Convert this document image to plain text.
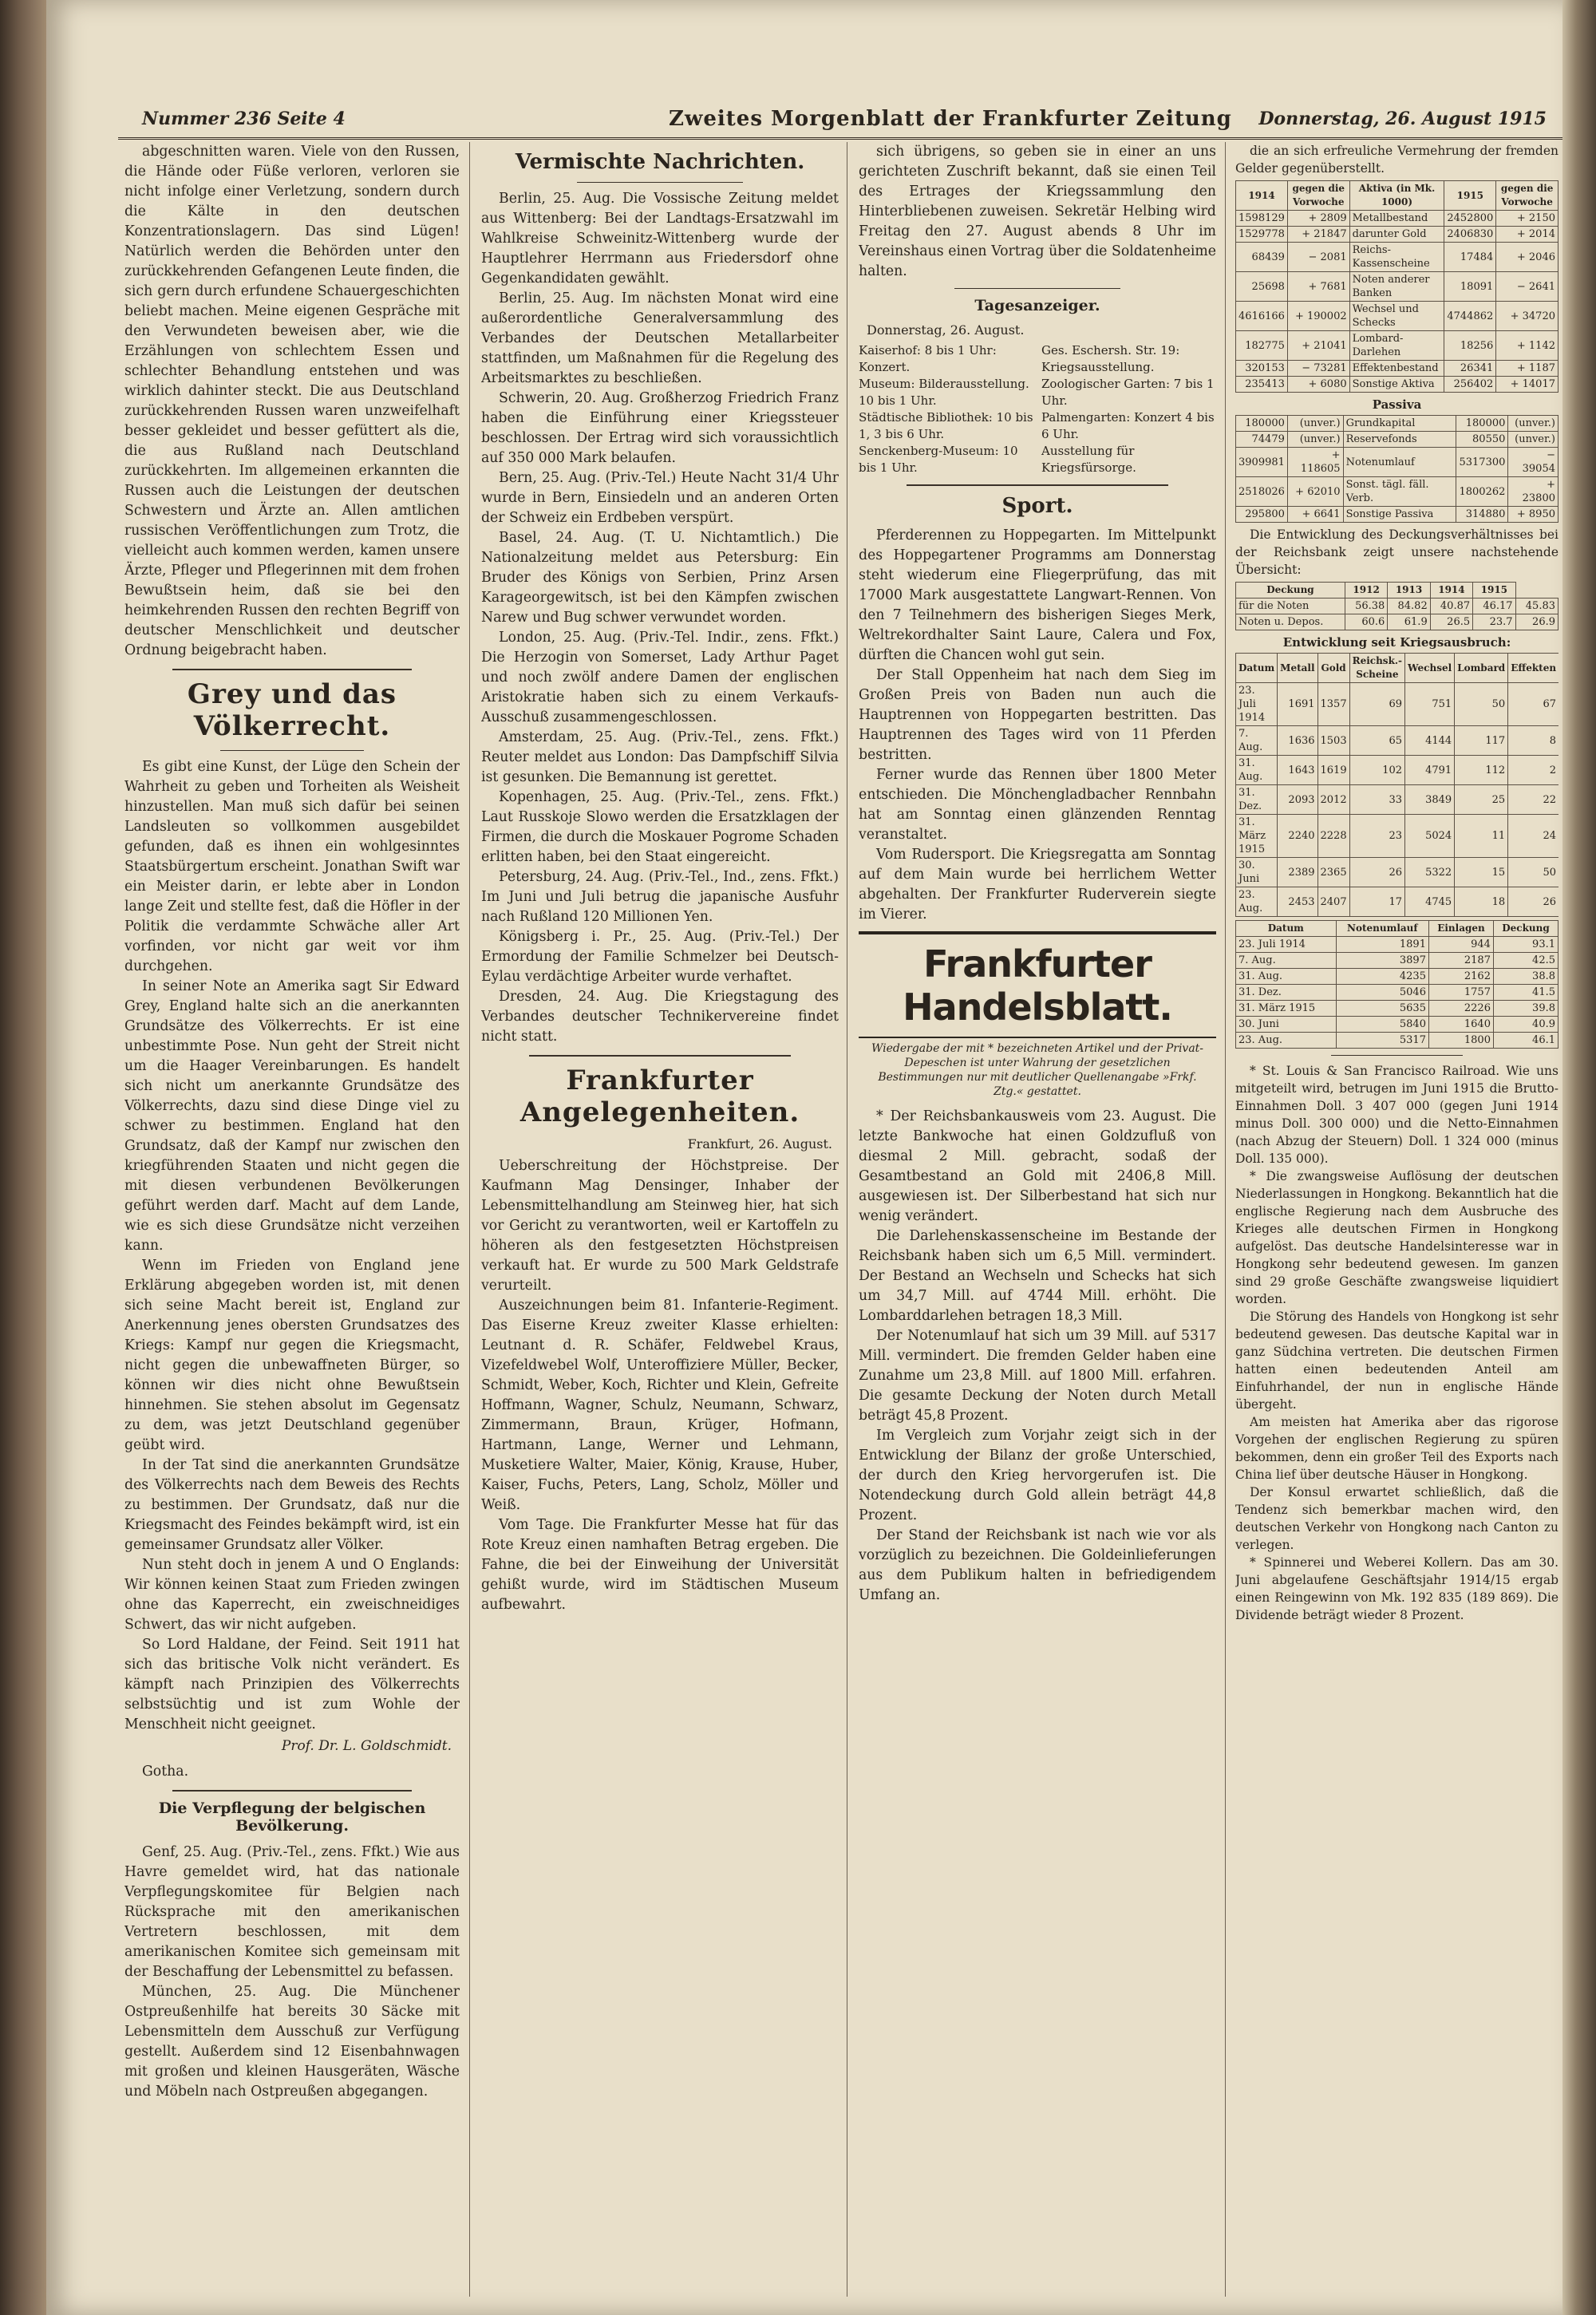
Nummer 236 Seite 4	Zweites Morgenblatt der Frankfurter Zeitung Donnerstag, 26. August 1915

abgeschnitten waren. Viele von den Russen, die Hände oder Füße verloren, verloren sie nicht infolge einer Verletzung, sondern durch die Kälte in den deutschen Konzentrationslagern. Das sind Lügen! Natürlich werden die Behörden unter den zurückkehrenden Gefangenen Leute finden, die sich gern durch erfundene Schauergeschichten beliebt machen. Meine eigenen Gespräche mit den Verwundeten beweisen aber, wie die Erzählungen von schlechtem Essen und schlechter Behandlung entstehen und was wirklich dahinter steckt. Die aus Deutschland zurückkehrenden Russen waren unzweifelhaft besser gekleidet und besser gefüttert als die, die aus Rußland nach Deutschland zurückkehrten. Im allgemeinen erkannten die Russen auch die Leistungen der deutschen Schwestern und Ärzte an. Allen amtlichen russischen Veröffentlichungen zum Trotz, die vielleicht auch kommen werden, kamen unsere Ärzte, Pfleger und Pflegerinnen mit dem frohen Bewußtsein heim, daß sie bei den heimkehrenden Russen den rechten Begriff von deutscher Menschlichkeit und deutscher Ordnung beigebracht haben.

Grey und das Völkerrecht.

Es gibt eine Kunst, der Lüge den Schein der Wahrheit zu geben und Torheiten als Weisheit hinzustellen. Man muß sich dafür bei seinen Landsleuten so vollkommen ausgebildet gefunden, daß es ihnen ein wohlgesinntes Staatsbürgertum erscheint. Jonathan Swift war ein Meister darin, er lebte aber in London lange Zeit und stellte fest, daß die Höfler in der Politik die verdammte Schwäche aller Art vorfinden, vor nicht gar weit vor ihm durchgehen.

In seiner Note an Amerika sagt Sir Edward Grey, England halte sich an die anerkannten Grundsätze des Völkerrechts. Er ist eine unbestimmte Pose. Nun geht der Streit nicht um die Haager Vereinbarungen. Es handelt sich nicht um anerkannte Grundsätze des Völkerrechts, dazu sind diese Dinge viel zu schwer zu bestimmen. England hat den Grundsatz, daß der Kampf nur zwischen den kriegführenden Staaten und nicht gegen die mit diesen verbundenen Bevölkerungen geführt werden darf. Macht auf dem Lande, wie es sich diese Grundsätze nicht verzeihen kann.

Wenn im Frieden von England jene Erklärung abgegeben worden ist, mit denen sich seine Macht bereit ist, England zur Anerkennung jenes obersten Grundsatzes des Kriegs: Kampf nur gegen die Kriegsmacht, nicht gegen die unbewaffneten Bürger, so können wir dies nicht ohne Bewußtsein hinnehmen. Sie stehen absolut im Gegensatz zu dem, was jetzt Deutschland gegenüber geübt wird.

In der Tat sind die anerkannten Grundsätze des Völkerrechts nach dem Beweis des Rechts zu bestimmen. Der Grundsatz, daß nur die Kriegsmacht des Feindes bekämpft wird, ist ein gemeinsamer Grundsatz aller Völker.

Nun steht doch in jenem A und O Englands: Wir können keinen Staat zum Frieden zwingen ohne das Kaperrecht, ein zweischneidiges Schwert, das wir nicht aufgeben.

So Lord Haldane, der Feind. Seit 1911 hat sich das britische Volk nicht verändert. Es kämpft nach Prinzipien des Völkerrechts selbstsüchtig und ist zum Wohle der Menschheit nicht geeignet.

Prof. Dr. L. Goldschmidt.
Gotha.
Die Verpflegung der belgischen Bevölkerung.

Genf, 25. Aug. (Priv.-Tel., zens. Ffkt.) Wie aus Havre gemeldet wird, hat das nationale Verpflegungskomitee für Belgien nach Rücksprache mit den amerikanischen Vertretern beschlossen, mit dem amerikanischen Komitee sich gemeinsam mit der Beschaffung der Lebensmittel zu befassen.

München, 25. Aug. Die Münchener Ostpreußenhilfe hat bereits 30 Säcke mit Lebensmitteln dem Ausschuß zur Verfügung gestellt. Außerdem sind 12 Eisenbahnwagen mit großen und kleinen Hausgeräten, Wäsche und Möbeln nach Ostpreußen abgegangen.

Vermischte Nachrichten.

Berlin, 25. Aug. Die Vossische Zeitung meldet aus Wittenberg: Bei der Landtags-Ersatzwahl im Wahlkreise Schweinitz-Wittenberg wurde der Hauptlehrer Herrmann aus Friedersdorf ohne Gegenkandidaten gewählt.

Berlin, 25. Aug. Im nächsten Monat wird eine außerordentliche Generalversammlung des Verbandes der Deutschen Metallarbeiter stattfinden, um Maßnahmen für die Regelung des Arbeitsmarktes zu beschließen.

Schwerin, 20. Aug. Großherzog Friedrich Franz haben die Einführung einer Kriegssteuer beschlossen. Der Ertrag wird sich voraussichtlich auf 350 000 Mark belaufen.

Bern, 25. Aug. (Priv.-Tel.) Heute Nacht 31/4 Uhr wurde in Bern, Einsiedeln und an anderen Orten der Schweiz ein Erdbeben verspürt.

Basel, 24. Aug. (T. U. Nichtamtlich.) Die Nationalzeitung meldet aus Petersburg: Ein Bruder des Königs von Serbien, Prinz Arsen Karageorgewitsch, ist bei den Kämpfen zwischen Narew und Bug schwer verwundet worden.

London, 25. Aug. (Priv.-Tel. Indir., zens. Ffkt.) Die Herzogin von Somerset, Lady Arthur Paget und noch zwölf andere Damen der englischen Aristokratie haben sich zu einem Verkaufs-Ausschuß zusammengeschlossen.

Amsterdam, 25. Aug. (Priv.-Tel., zens. Ffkt.) Reuter meldet aus London: Das Dampfschiff Silvia ist gesunken. Die Bemannung ist gerettet.

Kopenhagen, 25. Aug. (Priv.-Tel., zens. Ffkt.) Laut Russkoje Slowo werden die Ersatzklagen der Firmen, die durch die Moskauer Pogrome Schaden erlitten haben, bei den Staat eingereicht.

Petersburg, 24. Aug. (Priv.-Tel., Ind., zens. Ffkt.) Im Juni und Juli betrug die japanische Ausfuhr nach Rußland 120 Millionen Yen.

Königsberg i. Pr., 25. Aug. (Priv.-Tel.) Der Ermordung der Familie Schmelzer bei Deutsch-Eylau verdächtige Arbeiter wurde verhaftet.

Dresden, 24. Aug. Die Kriegstagung des Verbandes deutscher Technikervereine findet nicht statt.

Frankfurter Angelegenheiten.
Frankfurt, 26. August.

Ueberschreitung der Höchstpreise. Der Kaufmann Mag Densinger, Inhaber der Lebensmittelhandlung am Steinweg hier, hat sich vor Gericht zu verantworten, weil er Kartoffeln zu höheren als den festgesetzten Höchstpreisen verkauft hat. Er wurde zu 500 Mark Geldstrafe verurteilt.

Auszeichnungen beim 81. Infanterie-Regiment. Das Eiserne Kreuz zweiter Klasse erhielten: Leutnant d. R. Schäfer, Feldwebel Kraus, Vizefeldwebel Wolf, Unteroffiziere Müller, Becker, Schmidt, Weber, Koch, Richter und Klein, Gefreite Hoffmann, Wagner, Schulz, Neumann, Schwarz, Zimmermann, Braun, Krüger, Hofmann, Hartmann, Lange, Werner und Lehmann, Musketiere Walter, Maier, König, Krause, Huber, Kaiser, Fuchs, Peters, Lang, Scholz, Möller und Weiß.

Vom Tage. Die Frankfurter Messe hat für das Rote Kreuz einen namhaften Betrag ergeben. Die Fahne, die bei der Einweihung der Universität gehißt wurde, wird im Städtischen Museum aufbewahrt.

sich übrigens, so geben sie in einer an uns gerichteten Zuschrift bekannt, daß sie einen Teil des Ertrages der Kriegssammlung den Hinterbliebenen zuweisen. Sekretär Helbing wird Freitag den 27. August abends 8 Uhr im Vereinshaus einen Vortrag über die Soldatenheime halten.

Tagesanzeiger.
Donnerstag, 26. August.
Kaiserhof: 8 bis 1 Uhr: Konzert.
Ges. Eschersh. Str. 19: Kriegsausstellung.
Museum: Bilderausstellung. 10 bis 1 Uhr.
Zoologischer Garten: 7 bis 1 Uhr.
Städtische Bibliothek: 10 bis 1, 3 bis 6 Uhr.
Palmengarten: Konzert 4 bis 6 Uhr.
Senckenberg-Museum: 10 bis 1 Uhr.
Ausstellung für Kriegsfürsorge.
Sport.

Pferderennen zu Hoppegarten. Im Mittelpunkt des Hoppegartener Programms am Donnerstag steht wiederum eine Fliegerprüfung, das mit 17000 Mark ausgestattete Langwart-Rennen. Von den 7 Teilnehmern des bisherigen Sieges Merk, Weltrekordhalter Saint Laure, Calera und Fox, dürften die Chancen wohl gut sein.

Der Stall Oppenheim hat nach dem Sieg im Großen Preis von Baden nun auch die Hauptrennen von Hoppegarten bestritten. Das Hauptrennen des Tages wird von 11 Pferden bestritten.

Ferner wurde das Rennen über 1800 Meter entschieden. Die Mönchengladbacher Rennbahn hat am Sonntag einen glänzenden Renntag veranstaltet.

Vom Rudersport. Die Kriegsregatta am Sonntag auf dem Main wurde bei herrlichem Wetter abgehalten. Der Frankfurter Ruderverein siegte im Vierer.

Frankfurter Handelsblatt.
Wiedergabe der mit * bezeichneten Artikel und der Privat-Depeschen ist unter Wahrung der gesetzlichen Bestimmungen nur mit deutlicher Quellenangabe »Frkf. Ztg.« gestattet.

* Der Reichsbankausweis vom 23. August. Die letzte Bankwoche hat einen Goldzufluß von diesmal 2 Mill. gebracht, sodaß der Gesamtbestand an Gold mit 2406,8 Mill. ausgewiesen ist. Der Silberbestand hat sich nur wenig verändert.

Die Darlehenskassenscheine im Bestande der Reichsbank haben sich um 6,5 Mill. vermindert. Der Bestand an Wechseln und Schecks hat sich um 34,7 Mill. auf 4744 Mill. erhöht. Die Lombarddarlehen betragen 18,3 Mill.

Der Notenumlauf hat sich um 39 Mill. auf 5317 Mill. vermindert. Die fremden Gelder haben eine Zunahme um 23,8 Mill. auf 1800 Mill. erfahren. Die gesamte Deckung der Noten durch Metall beträgt 45,8 Prozent.

Im Vergleich zum Vorjahr zeigt sich in der Entwicklung der Bilanz der große Unterschied, der durch den Krieg hervorgerufen ist. Die Notendeckung durch Gold allein beträgt 44,8 Prozent.

Der Stand der Reichsbank ist nach wie vor als vorzüglich zu bezeichnen. Die Goldeinlieferungen aus dem Publikum halten in befriedigendem Umfang an.

die an sich erfreuliche Vermehrung der fremden Gelder gegenüberstellt.

1914	gegen die Vorwoche	Aktiva (in Mk. 1000)	1915	gegen die Vorwoche
1598129	+ 2809	Metallbestand	2452800	+ 2150
1529778	+ 21847	darunter Gold	2406830	+ 2014
68439	− 2081	Reichs-Kassenscheine	17484	+ 2046
25698	+ 7681	Noten anderer Banken	18091	− 2641
4616166	+ 190002	Wechsel und Schecks	4744862	+ 34720
182775	+ 21041	Lombard-Darlehen	18256	+ 1142
320153	− 73281	Effektenbestand	26341	+ 1187
235413	+ 6080	Sonstige Aktiva	256402	+ 14017
Passiva
180000	(unver.)	Grundkapital	180000	(unver.)
74479	(unver.)	Reservefonds	80550	(unver.)
3909981	+ 118605	Notenumlauf	5317300	− 39054
2518026	+ 62010	Sonst. tägl. fäll. Verb.	1800262	+ 23800
295800	+ 6641	Sonstige Passiva	314880	+ 8950

Die Entwicklung des Deckungsverhältnisses bei der Reichsbank zeigt unsere nachstehende Übersicht:

Deckung	1912	1913	1914	1915	
für die Noten	56.38	84.82	40.87	46.17	45.83
Noten u. Depos.	60.6	61.9	26.5	23.7	26.9
Entwicklung seit Kriegsausbruch:
Datum	Metall	Gold	Reichsk.-Scheine	Wechsel	Lombard	Effekten
23. Juli 1914	1691	1357	69	751	50	67
7. Aug.	1636	1503	65	4144	117	8
31. Aug.	1643	1619	102	4791	112	2
31. Dez.	2093	2012	33	3849	25	22
31. März 1915	2240	2228	23	5024	11	24
30. Juni	2389	2365	26	5322	15	50
23. Aug.	2453	2407	17	4745	18	26
Datum	Notenumlauf	Einlagen	Deckung
23. Juli 1914	1891	944	93.1
7. Aug.	3897	2187	42.5
31. Aug.	4235	2162	38.8
31. Dez.	5046	1757	41.5
31. März 1915	5635	2226	39.8
30. Juni	5840	1640	40.9
23. Aug.	5317	1800	46.1

* St. Louis & San Francisco Railroad. Wie uns mitgeteilt wird, betrugen im Juni 1915 die Brutto-Einnahmen Doll. 3 407 000 (gegen Juni 1914 minus Doll. 300 000) und die Netto-Einnahmen (nach Abzug der Steuern) Doll. 1 324 000 (minus Doll. 135 000).

* Die zwangsweise Auflösung der deutschen Niederlassungen in Hongkong. Bekanntlich hat die englische Regierung nach dem Ausbruche des Krieges alle deutschen Firmen in Hongkong aufgelöst. Das deutsche Handelsinteresse war in Hongkong sehr bedeutend gewesen. Im ganzen sind 29 große Geschäfte zwangsweise liquidiert worden.

Die Störung des Handels von Hongkong ist sehr bedeutend gewesen. Das deutsche Kapital war in ganz Südchina vertreten. Die deutschen Firmen hatten einen bedeutenden Anteil am Einfuhrhandel, der nun in englische Hände übergeht.

Am meisten hat Amerika aber das rigorose Vorgehen der englischen Regierung zu spüren bekommen, denn ein großer Teil des Exports nach China lief über deutsche Häuser in Hongkong.

Der Konsul erwartet schließlich, daß die Tendenz sich bemerkbar machen wird, den deutschen Verkehr von Hongkong nach Canton zu verlegen.

* Spinnerei und Weberei Kollern. Das am 30. Juni abgelaufene Geschäftsjahr 1914/15 ergab einen Reingewinn von Mk. 192 835 (189 869). Die Dividende beträgt wieder 8 Prozent.
